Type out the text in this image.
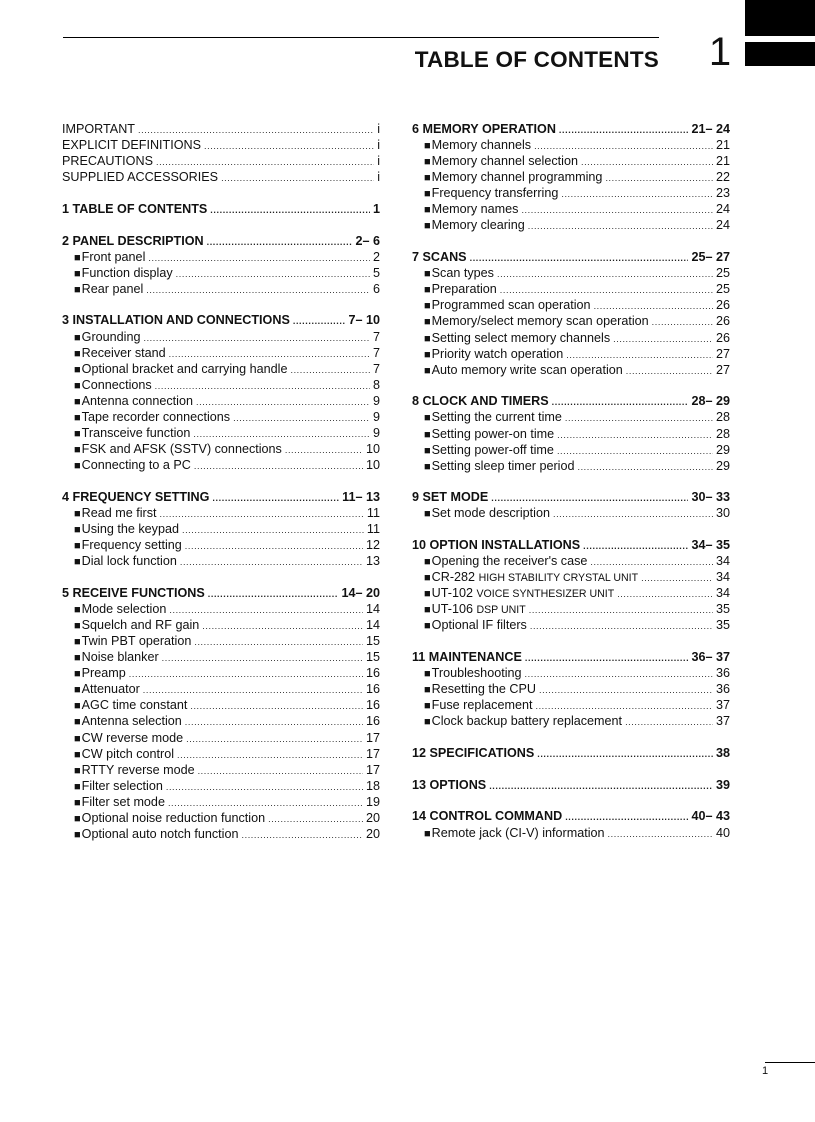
TABLE OF CONTENTS 1
IMPORTANT .....	i
EXPLICIT DEFINITIONS .....	i
PRECAUTIONS .....	i
SUPPLIED ACCESSORIES .....	i
1 TABLE OF CONTENTS .....	1
2 PANEL DESCRIPTION .....	2– 6
■ Front panel .....	2
■ Function display .....	5
■ Rear panel .....	6
3 INSTALLATION AND CONNECTIONS .....	7– 10
■ Grounding .....	7
■ Receiver stand .....	7
■ Optional bracket and carrying handle .....	7
■ Connections .....	8
■ Antenna connection .....	9
■ Tape recorder connections .....	9
■ Transceive function .....	9
■ FSK and AFSK (SSTV) connections .....	10
■ Connecting to a PC .....	10
4 FREQUENCY SETTING .....	11– 13
■ Read me first .....	11
■ Using the keypad .....	11
■ Frequency setting .....	12
■ Dial lock function .....	13
5 RECEIVE FUNCTIONS .....	14– 20
■ Mode selection .....	14
■ Squelch and RF gain .....	14
■ Twin PBT operation .....	15
■ Noise blanker .....	15
■ Preamp .....	16
■ Attenuator .....	16
■ AGC time constant .....	16
■ Antenna selection .....	16
■ CW reverse mode .....	17
■ CW pitch control .....	17
■ RTTY reverse mode .....	17
■ Filter selection .....	18
■ Filter set mode .....	19
■ Optional noise reduction function .....	20
■ Optional auto notch function .....	20
6 MEMORY OPERATION .....	21– 24
■ Memory channels .....	21
■ Memory channel selection .....	21
■ Memory channel programming .....	22
■ Frequency transferring .....	23
■ Memory names .....	24
■ Memory clearing .....	24
7 SCANS .....	25– 27
■ Scan types .....	25
■ Preparation .....	25
■ Programmed scan operation .....	26
■ Memory/select memory scan operation .....	26
■ Setting select memory channels .....	26
■ Priority watch operation .....	27
■ Auto memory write scan operation .....	27
8 CLOCK AND TIMERS .....	28– 29
■ Setting the current time .....	28
■ Setting power-on time .....	28
■ Setting power-off time .....	29
■ Setting sleep timer period .....	29
9 SET MODE .....	30– 33
■ Set mode description .....	30
10 OPTION INSTALLATIONS .....	34– 35
■ Opening the receiver's case .....	34
■ CR-282 HIGH STABILITY CRYSTAL UNIT .....	34
■ UT-102 VOICE SYNTHESIZER UNIT .....	34
■ UT-106 DSP UNIT .....	35
■ Optional IF filters .....	35
11 MAINTENANCE .....	36– 37
■ Troubleshooting .....	36
■ Resetting the CPU .....	36
■ Fuse replacement .....	37
■ Clock backup battery replacement .....	37
12 SPECIFICATIONS .....	38
13 OPTIONS .....	39
14 CONTROL COMMAND .....	40– 43
■ Remote jack (CI-V) information .....	40
1
